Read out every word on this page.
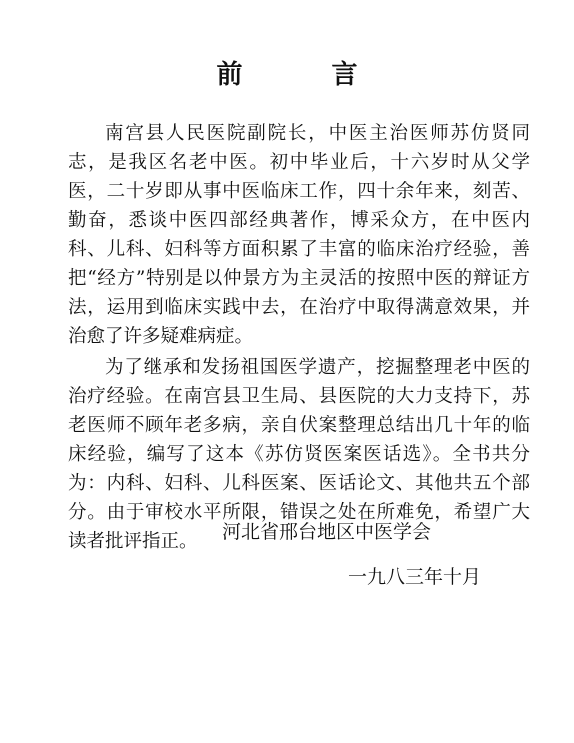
前 言

南宫县人民医院副院长，中医主治医师苏仿贤同志，是我区名老中医。初中毕业后，十六岁时从父学医，二十岁即从事中医临床工作，四十余年来，刻苦、勤奋，悉谈中医四部经典著作，博采众方，在中医内科、儿科、妇科等方面积累了丰富的临床治疗经验，善把“经方”特别是以仲景方为主灵活的按照中医的辩证方法，运用到临床实践中去，在治疗中取得满意效果，并治愈了许多疑难病症。

为了继承和发扬祖国医学遗产，挖掘整理老中医的治疗经验。在南宫县卫生局、县医院的大力支持下，苏老医师不顾年老多病，亲自伏案整理总结出几十年的临床经验，编写了这本《苏仿贤医案医话选》。全书共分为：内科、妇科、儿科医案、医话论文、其他共五个部分。由于审校水平所限，错误之处在所难免，希望广大读者批评指正。	河北省邢台地区中医学会
一九八三年十月
